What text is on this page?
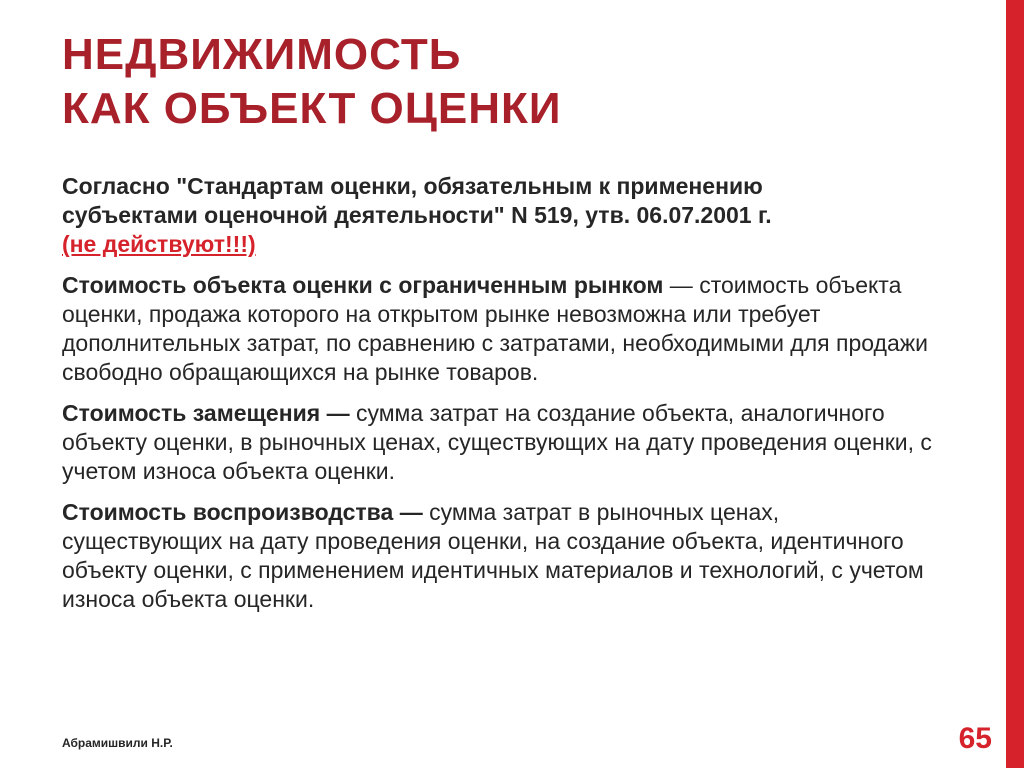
НЕДВИЖИМОСТЬ
КАК ОБЪЕКТ ОЦЕНКИ

Согласно "Стандартам оценки, обязательным к применению
субъектами оценочной деятельности" N 519, утв. 06.07.2001 г.
(не действуют!!!)

Стоимость объекта оценки с ограниченным рынком — стоимость объекта оценки, продажа которого на открытом рынке невозможна или требует дополнительных затрат, по сравнению с затратами, необходимыми для продажи свободно обращающихся на рынке товаров.

Стоимость замещения — сумма затрат на создание объекта, аналогичного объекту оценки, в рыночных ценах, существующих на дату проведения оценки, с учетом износа объекта оценки.

Стоимость воспроизводства — сумма затрат в рыночных ценах, существующих на дату проведения оценки, на создание объекта, идентичного объекту оценки, с применением идентичных материалов и технологий, с учетом износа объекта оценки.

Абрамишвили Н.Р.	65
